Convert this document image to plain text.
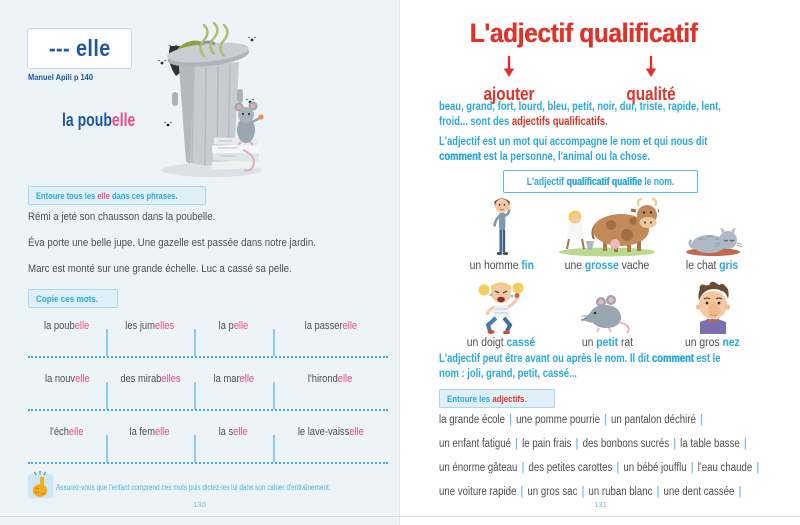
--- elle
Manuel Apili p 140
la poubelle
Entoure tous les elle dans ces phrases.
Rémi a jeté son chausson dans la poubelle.
Éva porte une belle jupe. Une gazelle est passée dans notre jardin.
Marc est monté sur une grande échelle. Luc a cassé sa pelle.
Copie ces mots.
la poubelle	les jumelles	la pelle	la passerelle
la nouvelle	des mirabelles	la marelle	l'hirondelle
l'échelle	la femelle	la selle	le lave-vaisselle
Assurez-vous que l'enfant comprend ces mots puis dictez-les lui dans son cahier d'entraînement.
130
L'adjectif qualificatif
ajouter	qualité
beau, grand, fort, lourd, bleu, petit, noir, dur, triste, rapide, lent,
froid... sont des adjectifs qualificatifs.
L'adjectif est un mot qui accompagne le nom et qui nous dit
comment est la personne, l'animal ou la chose.
L'adjectif qualificatif qualifie le nom.
un homme fin	une grosse vache	le chat gris
un doigt cassé	un petit rat	un gros nez
L'adjectif peut être avant ou après le nom. Il dit comment est le
nom : joli, grand, petit, cassé...
Entoure les adjectifs.
la grande école | une pomme pourrie | un pantalon déchiré |
un enfant fatigué | le pain frais | des bonbons sucrés | la table basse |
un énorme gâteau | des petites carottes | un bébé joufflu | l'eau chaude |
une voiture rapide | un gros sac | un ruban blanc | une dent cassée |
131
